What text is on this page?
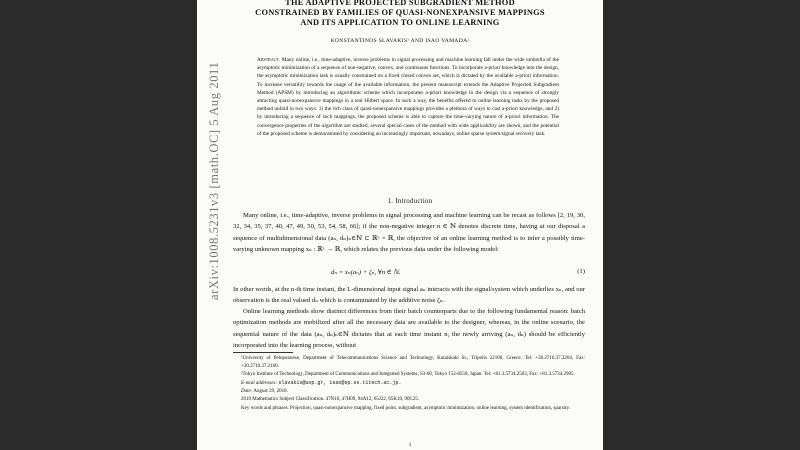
arXiv:1008.5231v3 [math.OC] 5 Aug 2011
THE ADAPTIVE PROJECTED SUBGRADIENT METHOD
CONSTRAINED BY FAMILIES OF QUASI-NONEXPANSIVE MAPPINGS
AND ITS APPLICATION TO ONLINE LEARNING
KONSTANTINOS SLAVAKIS¹ AND ISAO YAMADA²
Abstract. Many online, i.e., time-adaptive, inverse problems in signal processing and machine learning fall under the wide umbrella of the asymptotic minimization of a sequence of non-negative, convex, and continuous functions. To incorporate a-priori knowledge into the design, the asymptotic minimization task is usually constrained on a fixed closed convex set, which is dictated by the available a-priori information. To increase versatility towards the usage of the available information, the present manuscript extends the Adaptive Projected Subgradient Method (APSM) by introducing an algorithmic scheme which incorporates a-priori knowledge in the design via a sequence of strongly attracting quasi-nonexpansive mappings in a real Hilbert space. In such a way, the benefits offered to online learning tasks by the proposed method unfold in two ways: 1) the rich class of quasi-nonexpansive mappings provides a plethora of ways to cast a-priori knowledge, and 2) by introducing a sequence of such mappings, the proposed scheme is able to capture the time-varying nature of a-priori information. The convergence properties of the algorithm are studied, several special cases of the method with wide applicability are shown, and the potential of the proposed scheme is demonstrated by considering an increasingly important, nowadays, online sparse system/signal recovery task.
1. Introduction
Many online, i.e., time-adaptive, inverse problems in signal processing and machine learning can be recast as follows [2, 19, 30, 32, 34, 35, 37, 40, 47, 49, 50, 53, 54, 58, 66]; if the non-negative integer n ∈ ℕ denotes discrete time, having at our disposal a sequence of multidimensional data (aₙ, dₙ)ₙ∈ℕ ⊂ ℝᴸ × ℝ, the objective of an online learning method is to infer a possibly time-varying unknown mapping xₙ : ℝᴸ → ℝ, which relates the previous data under the following model:
dₙ = xₙ(aₙ) + ζₙ, ∀n ∈ ℕ.	(1)
In other words, at the n-th time instant, the L-dimensional input signal aₙ interacts with the signal/system which underlies xₙ, and our observation is the real valued dₙ which is contaminated by the additive noise ζₙ.
Online learning methods show distinct differences from their batch counterparts due to the following fundamental reason: batch optimization methods are mobilized after all the necessary data are available to the designer, whereas, in the online scenario, the sequential nature of the data (aₙ, dₙ)ₙ∈ℕ dictates that at each time instant n, the newly arriving (aₙ, dₙ) should be efficiently incorporated into the learning process, without
¹University of Peloponnese, Department of Telecommunications Science and Technology, Karaiskaki St., Tripolis 22100, Greece. Tel: +30.2710.37.2204, Fax: +30.2710.37.2160.
²Tokyo Institute of Technology, Department of Communications and Integrated Systems, S3-60, Tokyo 152-8550, Japan. Tel: +81.3.5734.2503, Fax: +81.3.5734.2905.
E-mail addresses: slavakis@uop.gr, isao@sp.ss.titech.ac.jp.
Date: August 29, 2018.
2010 Mathematics Subject Classification. 47N10, 47H09, 94A12, 65J22, 65K10, 90C25.
Key words and phrases. Projection, quasi-nonexpansive mapping, fixed point, subgradient, asymptotic minimization, online learning, system identification, sparsity.
1
